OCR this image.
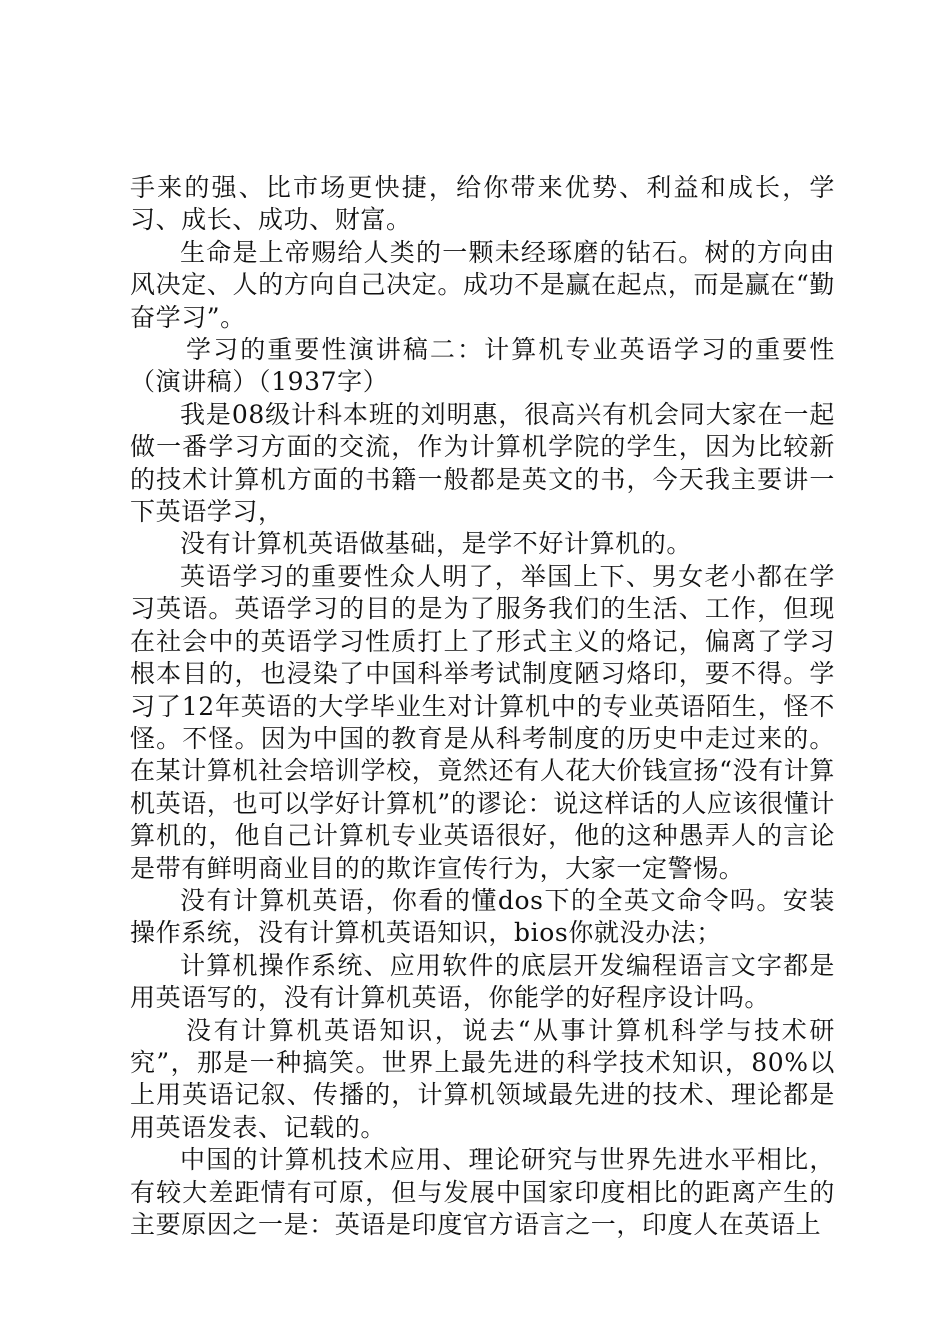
手来的强、比市场更快捷，给你带来优势、利益和成长，学习、成长、成功、财富。

生命是上帝赐给人类的一颗未经琢磨的钻石。树的方向由风决定、人的方向自己决定。成功不是赢在起点，而是赢在“勤奋学习”。

学习的重要性演讲稿二：计算机专业英语学习的重要性（演讲稿）（1937字）

我是08级计科本班的刘明惠，很高兴有机会同大家在一起做一番学习方面的交流，作为计算机学院的学生，因为比较新的技术计算机方面的书籍一般都是英文的书，今天我主要讲一下英语学习，

没有计算机英语做基础，是学不好计算机的。

英语学习的重要性众人明了，举国上下、男女老小都在学习英语。英语学习的目的是为了服务我们的生活、工作，但现在社会中的英语学习性质打上了形式主义的烙记，偏离了学习根本目的，也浸染了中国科举考试制度陋习烙印，要不得。学习了12年英语的大学毕业生对计算机中的专业英语陌生，怪不怪。不怪。因为中国的教育是从科考制度的历史中走过来的。在某计算机社会培训学校，竟然还有人花大价钱宣扬“没有计算机英语，也可以学好计算机”的谬论：说这样话的人应该很懂计算机的，他自己计算机专业英语很好，他的这种愚弄人的言论是带有鲜明商业目的的欺诈宣传行为，大家一定警惕。

没有计算机英语，你看的懂dos下的全英文命令吗。安装操作系统，没有计算机英语知识，bios你就没办法；

计算机操作系统、应用软件的底层开发编程语言文字都是用英语写的，没有计算机英语，你能学的好程序设计吗。

没有计算机英语知识，说去“从事计算机科学与技术研究”，那是一种搞笑。世界上最先进的科学技术知识，80%以上用英语记叙、传播的，计算机领域最先进的技术、理论都是用英语发表、记载的。

中国的计算机技术应用、理论研究与世界先进水平相比，有较大差距情有可原，但与发展中国家印度相比的距离产生的主要原因之一是：英语是印度官方语言之一，印度人在英语上
